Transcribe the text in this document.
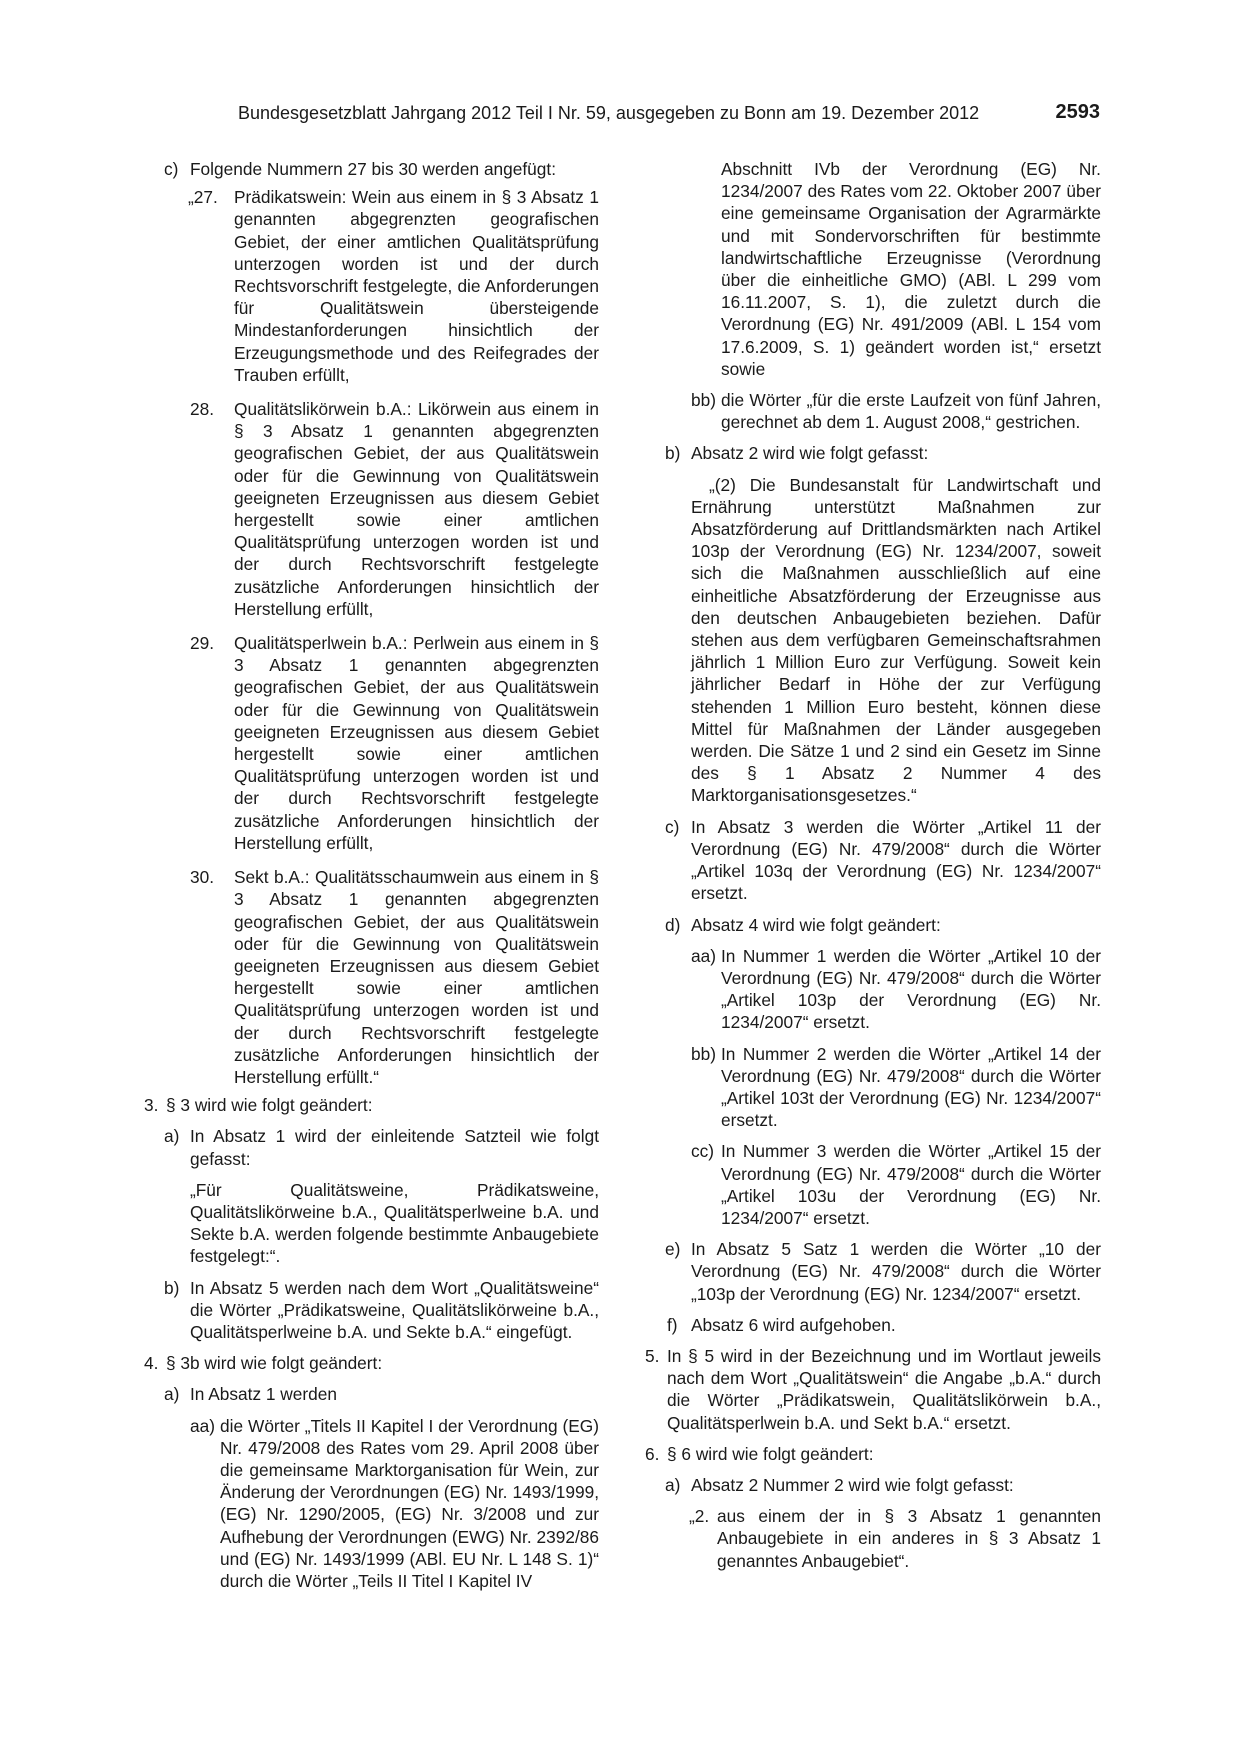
Bundesgesetzblatt Jahrgang 2012 Teil I Nr. 59, ausgegeben zu Bonn am 19. Dezember 2012	2593
c) Folgende Nummern 27 bis 30 werden angefügt:
„27. Prädikatswein: Wein aus einem in § 3 Absatz 1 genannten abgegrenzten geografischen Gebiet, der einer amtlichen Qualitätsprüfung unterzogen worden ist und der durch Rechtsvorschrift festgelegte, die Anforderungen für Qualitätswein übersteigende Mindestanforderungen hinsichtlich der Erzeugungsmethode und des Reifegrades der Trauben erfüllt,
28. Qualitätslikörwein b.A.: Likörwein aus einem in § 3 Absatz 1 genannten abgegrenzten geografischen Gebiet, der aus Qualitätswein oder für die Gewinnung von Qualitätswein geeigneten Erzeugnissen aus diesem Gebiet hergestellt sowie einer amtlichen Qualitätsprüfung unterzogen worden ist und der durch Rechtsvorschrift festgelegte zusätzliche Anforderungen hinsichtlich der Herstellung erfüllt,
29. Qualitätsperlwein b.A.: Perlwein aus einem in § 3 Absatz 1 genannten abgegrenzten geografischen Gebiet, der aus Qualitätswein oder für die Gewinnung von Qualitätswein geeigneten Erzeugnissen aus diesem Gebiet hergestellt sowie einer amtlichen Qualitätsprüfung unterzogen worden ist und der durch Rechtsvorschrift festgelegte zusätzliche Anforderungen hinsichtlich der Herstellung erfüllt,
30. Sekt b.A.: Qualitätsschaumwein aus einem in § 3 Absatz 1 genannten abgegrenzten geografischen Gebiet, der aus Qualitätswein oder für die Gewinnung von Qualitätswein geeigneten Erzeugnissen aus diesem Gebiet hergestellt sowie einer amtlichen Qualitätsprüfung unterzogen worden ist und der durch Rechtsvorschrift festgelegte zusätzliche Anforderungen hinsichtlich der Herstellung erfüllt.“
3. § 3 wird wie folgt geändert:
a) In Absatz 1 wird der einleitende Satzteil wie folgt gefasst:
„Für Qualitätsweine, Prädikatsweine, Qualitätslikörweine b.A., Qualitätsperlweine b.A. und Sekte b.A. werden folgende bestimmte Anbaugebiete festgelegt:“.
b) In Absatz 5 werden nach dem Wort „Qualitätsweine“ die Wörter „Prädikatsweine, Qualitätslikörweine b.A., Qualitätsperlweine b.A. und Sekte b.A.“ eingefügt.
4. § 3b wird wie folgt geändert:
a) In Absatz 1 werden
aa) die Wörter „Titels II Kapitel I der Verordnung (EG) Nr. 479/2008 des Rates vom 29. April 2008 über die gemeinsame Marktorganisation für Wein, zur Änderung der Verordnungen (EG) Nr. 1493/1999, (EG) Nr. 1290/2005, (EG) Nr. 3/2008 und zur Aufhebung der Verordnungen (EWG) Nr. 2392/86 und (EG) Nr. 1493/1999 (ABl. EU Nr. L 148 S. 1)“ durch die Wörter „Teils II Titel I Kapitel IV
Abschnitt IVb der Verordnung (EG) Nr. 1234/2007 des Rates vom 22. Oktober 2007 über eine gemeinsame Organisation der Agrarmärkte und mit Sondervorschriften für bestimmte landwirtschaftliche Erzeugnisse (Verordnung über die einheitliche GMO) (ABl. L 299 vom 16.11.2007, S. 1), die zuletzt durch die Verordnung (EG) Nr. 491/2009 (ABl. L 154 vom 17.6.2009, S. 1) geändert worden ist,“ ersetzt sowie
bb) die Wörter „für die erste Laufzeit von fünf Jahren, gerechnet ab dem 1. August 2008,“ gestrichen.
b) Absatz 2 wird wie folgt gefasst:
„(2) Die Bundesanstalt für Landwirtschaft und Ernährung unterstützt Maßnahmen zur Absatzförderung auf Drittlandsmärkten nach Artikel 103p der Verordnung (EG) Nr. 1234/2007, soweit sich die Maßnahmen ausschließlich auf eine einheitliche Absatzförderung der Erzeugnisse aus den deutschen Anbaugebieten beziehen. Dafür stehen aus dem verfügbaren Gemeinschaftsrahmen jährlich 1 Million Euro zur Verfügung. Soweit kein jährlicher Bedarf in Höhe der zur Verfügung stehenden 1 Million Euro besteht, können diese Mittel für Maßnahmen der Länder ausgegeben werden. Die Sätze 1 und 2 sind ein Gesetz im Sinne des § 1 Absatz 2 Nummer 4 des Marktorganisationsgesetzes.“
c) In Absatz 3 werden die Wörter „Artikel 11 der Verordnung (EG) Nr. 479/2008“ durch die Wörter „Artikel 103q der Verordnung (EG) Nr. 1234/2007“ ersetzt.
d) Absatz 4 wird wie folgt geändert:
aa) In Nummer 1 werden die Wörter „Artikel 10 der Verordnung (EG) Nr. 479/2008“ durch die Wörter „Artikel 103p der Verordnung (EG) Nr. 1234/2007“ ersetzt.
bb) In Nummer 2 werden die Wörter „Artikel 14 der Verordnung (EG) Nr. 479/2008“ durch die Wörter „Artikel 103t der Verordnung (EG) Nr. 1234/2007“ ersetzt.
cc) In Nummer 3 werden die Wörter „Artikel 15 der Verordnung (EG) Nr. 479/2008“ durch die Wörter „Artikel 103u der Verordnung (EG) Nr. 1234/2007“ ersetzt.
e) In Absatz 5 Satz 1 werden die Wörter „10 der Verordnung (EG) Nr. 479/2008“ durch die Wörter „103p der Verordnung (EG) Nr. 1234/2007“ ersetzt.
f) Absatz 6 wird aufgehoben.
5. In § 5 wird in der Bezeichnung und im Wortlaut jeweils nach dem Wort „Qualitätswein“ die Angabe „b.A.“ durch die Wörter „Prädikatswein, Qualitätslikörwein b.A., Qualitätsperlwein b.A. und Sekt b.A.“ ersetzt.
6. § 6 wird wie folgt geändert:
a) Absatz 2 Nummer 2 wird wie folgt gefasst:
„2. aus einem der in § 3 Absatz 1 genannten Anbaugebiete in ein anderes in § 3 Absatz 1 genanntes Anbaugebiet“.
